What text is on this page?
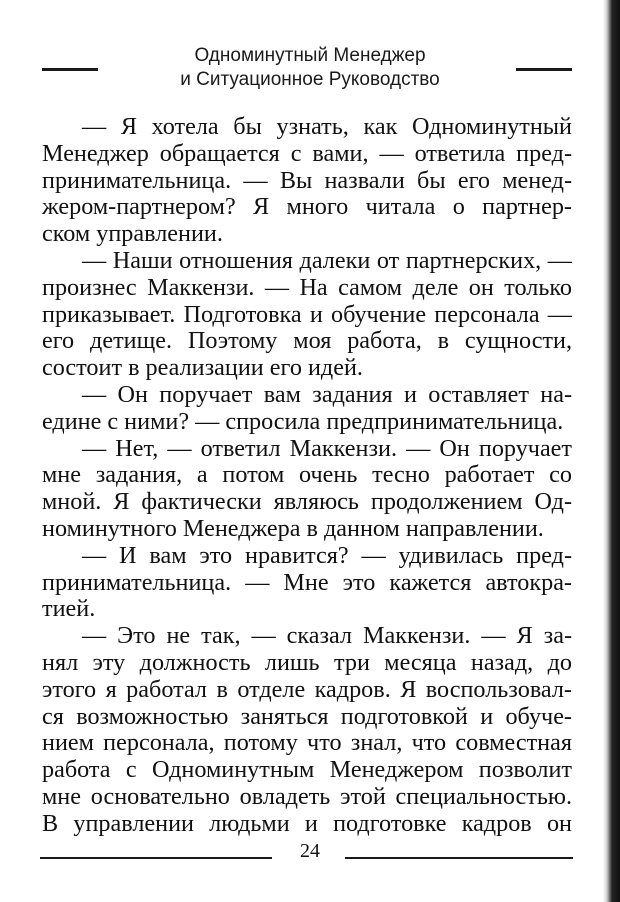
Одноминутный Менеджер
и Ситуационное Руководство
— Я хотела бы узнать, как Одноминутный
Менеджер обращается с вами, — ответила пред-
принимательница. — Вы назвали бы его менед-
жером-партнером? Я много читала о партнер-
ском управлении.
— Наши отношения далеки от партнерских, —
произнес Маккензи. — На самом деле он только
приказывает. Подготовка и обучение персонала —
его детище. Поэтому моя работа, в сущности,
состоит в реализации его идей.
— Он поручает вам задания и оставляет на-
едине с ними? — спросила предпринимательница.
— Нет, — ответил Маккензи. — Он поручает
мне задания, а потом очень тесно работает со
мной. Я фактически являюсь продолжением Од-
номинутного Менеджера в данном направлении.
— И вам это нравится? — удивилась пред-
принимательница. — Мне это кажется автокра-
тией.
— Это не так, — сказал Маккензи. — Я за-
нял эту должность лишь три месяца назад, до
этого я работал в отделе кадров. Я воспользовал-
ся возможностью заняться подготовкой и обуче-
нием персонала, потому что знал, что совместная
работа с Одноминутным Менеджером позволит
мне основательно овладеть этой специальностью.
В управлении людьми и подготовке кадров он
24
